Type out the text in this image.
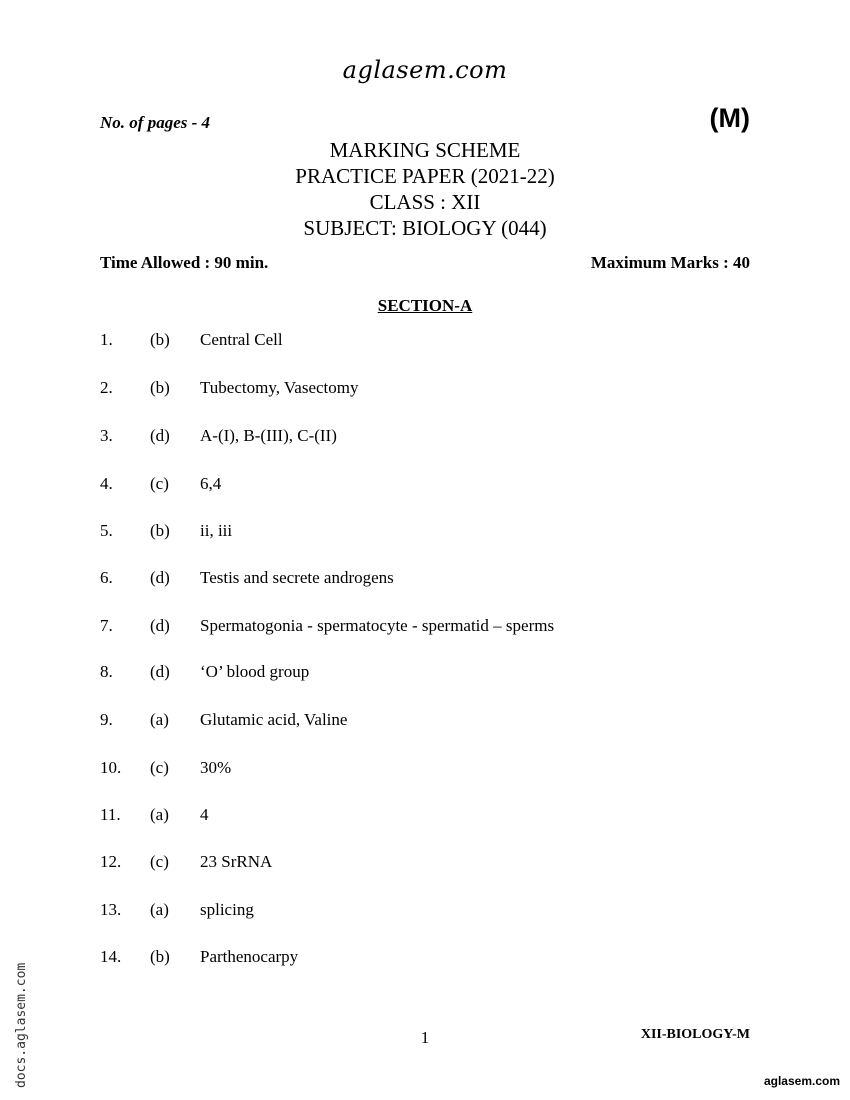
aglasem.com
No. of pages - 4	(M)
MARKING SCHEME
PRACTICE PAPER (2021-22)
CLASS : XII
SUBJECT: BIOLOGY (044)
Time Allowed : 90 min.	Maximum Marks : 40
SECTION-A
1. (b) Central Cell
2. (b) Tubectomy, Vasectomy
3. (d) A-(I), B-(III), C-(II)
4. (c) 6,4
5. (b) ii, iii
6. (d) Testis and secrete androgens
7. (d) Spermatogonia - spermatocyte - spermatid – sperms
8. (d) ‘O’ blood group
9. (a) Glutamic acid, Valine
10. (c) 30%
11. (a) 4
12. (c) 23 SrRNA
13. (a) splicing
14. (b) Parthenocarpy
1	XII-BIOLOGY-M
docs.aglasem.com	aglasem.com
